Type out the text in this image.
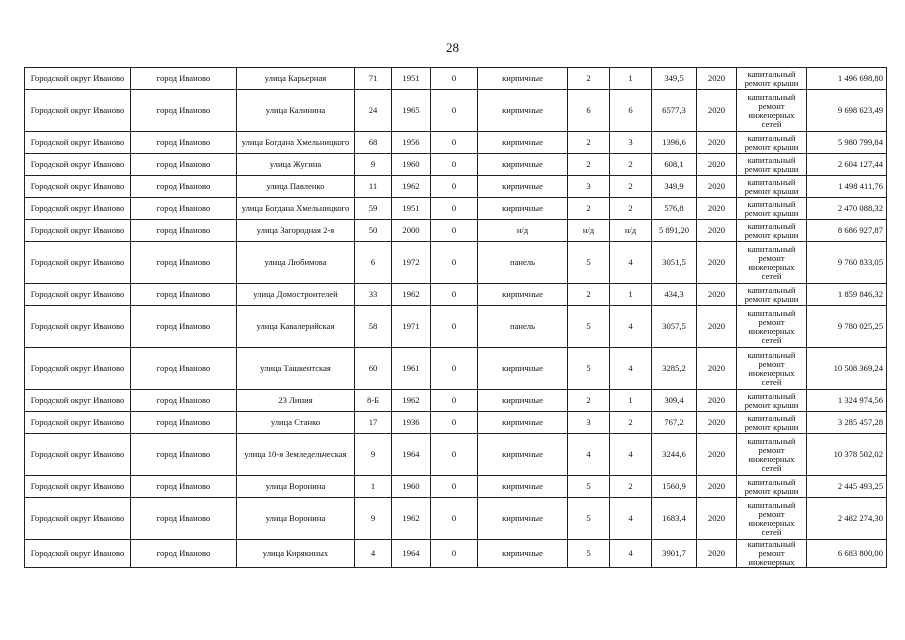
28
Городской округ Иваново	город Иваново	улица Карьерная	71	1951	0	кирпичные	2	1	349,5	2020	капитальный ремонт крыши	1 496 698,80
Городской округ Иваново	город Иваново	улица Калинина	24	1965	0	кирпичные	6	6	6577,3	2020	капитальный ремонт инженерных сетей	9 698 623,49
Городской округ Иваново	город Иваново	улица Богдана Хмельницкого	68	1956	0	кирпичные	2	3	1396,6	2020	капитальный ремонт крыши	5 980 799,84
Городской округ Иваново	город Иваново	улица Жугина	9	1960	0	кирпичные	2	2	608,1	2020	капитальный ремонт крыши	2 604 127,44
Городской округ Иваново	город Иваново	улица Павленко	11	1962	0	кирпичные	3	2	349,9	2020	капитальный ремонт крыши	1 498 411,76
Городской округ Иваново	город Иваново	улица Богдана Хмельницкого	59	1951	0	кирпичные	2	2	576,8	2020	капитальный ремонт крыши	2 470 088,32
Городской округ Иваново	город Иваново	улица Загородная 2-я	50	2000	0	н/д	н/д	н/д	5 891,20	2020	капитальный ремонт крыши	8 686 927,87
Городской округ Иваново	город Иваново	улица Любимова	6	1972	0	панель	5	4	3051,5	2020	капитальный ремонт инженерных сетей	9 760 833,05
Городской округ Иваново	город Иваново	улица Домостроителей	33	1962	0	кирпичные	2	1	434,3	2020	капитальный ремонт крыши	1 859 846,32
Городской округ Иваново	город Иваново	улица Кавалерийская	58	1971	0	панель	5	4	3057,5	2020	капитальный ремонт инженерных сетей	9 780 025,25
Городской округ Иваново	город Иваново	улица Ташкентская	60	1961	0	кирпичные	5	4	3285,2	2020	капитальный ремонт инженерных сетей	10 508 369,24
Городской округ Иваново	город Иваново	23 Линия	8-Б	1962	0	кирпичные	2	1	309,4	2020	капитальный ремонт крыши	1 324 974,56
Городской округ Иваново	город Иваново	улица Станко	17	1936	0	кирпичные	3	2	767,2	2020	капитальный ремонт крыши	3 285 457,28
Городской округ Иваново	город Иваново	улица 10-я Земледельческая	9	1964	0	кирпичные	4	4	3244,6	2020	капитальный ремонт инженерных сетей	10 378 502,02
Городской округ Иваново	город Иваново	улица Воронина	1	1960	0	кирпичные	5	2	1560,9	2020	капитальный ремонт крыши	2 445 493,25
Городской округ Иваново	город Иваново	улица Воронина	9	1962	0	кирпичные	5	4	1683,4	2020	капитальный ремонт инженерных сетей	2 482 274,30
Городской округ Иваново	город Иваново	улица Кирякиных	4	1964	0	кирпичные	5	4	3901,7	2020	капитальный ремонт инженерных	6 683 800,00
